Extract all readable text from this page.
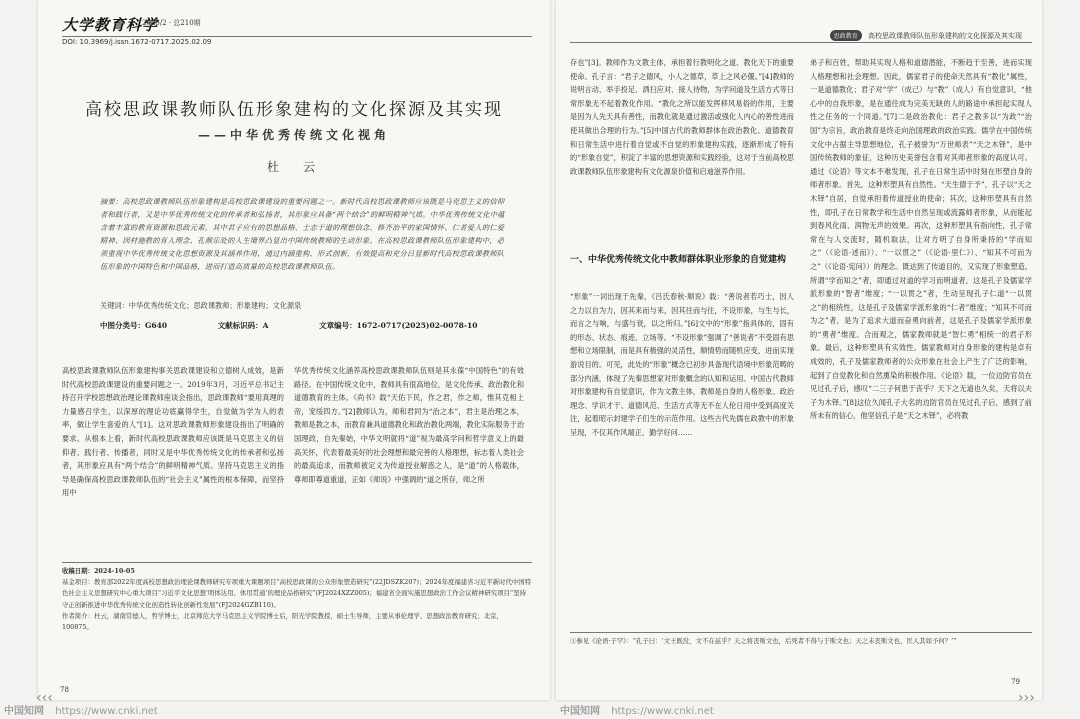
大学教育科学
2025/2 · 总210期
DOI: 10.3969/j.issn.1672-0717.2025.02.09
高校思政课教师队伍形象建构的文化探源及其实现
——中华优秀传统文化视角
杜　云
摘要：高校思政课教师队伍形象建构是高校思政课建设的重要问题之一。新时代高校思政课教师应该既是马克思主义的信仰者和践行者，又是中华优秀传统文化的传承者和弘扬者，其形象应具备“两个结合”的鲜明精神气质。中华优秀传统文化中蕴含着丰富的教育资源和思政元素，其中君子应有的思想品格、士志于道的理想信念、修齐治平的家国情怀、仁者爱人的仁爱精神、因材施教的育人理念、孔颜乐处的人生境界凸显出中国传统教师的生动形象。在高校思政课教师队伍形象建构中，必须重视中华优秀传统文化思想资源及其涵养作用，通过内涵重构、形式创新，有效提高和充分吕显新时代高校思政课教师队伍形象的中国特色和中国品格，进而打造高质量的高校思政课教师队伍。
关键词：中华优秀传统文化；思政课教师；形象建构；文化源泉
中图分类号：G640	文献标识码：A	文章编号：1672-0717(2025)02-0078-10
高校思政课教师队伍形象建构事关思政课建设和立德树人成效，是新时代高校思政课建设的重要问题之一。2019年3月，习近平总书记主持召开学校思想政治理论课教师座谈会指出，思政课教师“要用真理的力量感召学生，以深厚的理论功底赢得学生，自觉做为学为人的表率，做让学生喜爱的人”[1]。这对思政课教师形象建设指出了明确的要求。从根本上看，新时代高校思政课教师应该既是马克思主义的信仰者、践行者、传播者，同时又是中华优秀传统文化的传承者和弘扬者，其形象应具有“两个结合”的鲜明精神气质。坚持马克思主义的指导是确保高校思政课教师队伍的“社会主义”属性的根本保障，而坚持用中
华优秀传统文化涵养高校思政课教师队伍则是其永葆“中国特色”的有效路径。在中国传统文化中，教师具有很高地位，是文化传承、政治教化和道德教育的主体。《尚书》载“天佑下民，作之君，作之师，惟其克相上帝，宠绥四方。”[2]教师认为，师和君同为“治之本”，君主是治理之本，教师是教之本，而教育兼具道德教化和政治教化两端，教化实际服务于治国理政，自先秦始，中华文明就将“道”视为最高学问和哲学意义上的最高关怀，代表着最美好的社会理想和最完善的人格理想，标志着人类社会的最高追求，而教师被定义为传道授业解惑之人，是“道”的人格载体，尊师即尊道重道，正如《师说》中强调的“道之所存，师之所
收稿日期：2024-10-05
基金项目：教育部2022年度高校思想政治理论课教师研究专项重大课题项目“高校思政课的公众形象塑造研究”(22JDSZK207)；2024年度福建省习近平新时代中国特色社会主义思想研究中心重大项目“习近平文化思想‘明体达用、体用贯通’的理论品格研究”(FJ2024XZZ005)；福建省全面实施思想政治工作会议精神研究项目“坚持守正创新推进中华优秀传统文化创造性转化创新性发展”(FJ2024GZB110)。
作者简介：杜云，湖南常德人，哲学博士，北京师范大学马克思主义学院博士后，阳光学院教授，硕士生导师，主要从事伦理学、思想政治教育研究；北京，100875。
78
思政教育 高校思政课教师队伍形象建构的文化探源及其实现
存也”[3]。教师作为文教主体，承担着行教明化之道、教化天下的重要使命。孔子言：“君子之德风，小人之德草，草上之风必偃。”[4]教师的说明言动、举手投足、洒扫应对、接人待物，为学问道及生活方式等日常形象无不起着教化作用。“教化之所以能发挥移风易俗的作用，主要是因为人先天具有善性，而教化就是通过激活或强化人内心的善性进而使其做出合理的行为。”[5]中国古代的教师群体在政治教化、道德教育和日常生活中进行着自觉或不自觉的形象建构实践，逐渐形成了特有的“形象自觉”，积淀了丰富的思想资源和实践经验，这对于当前高校思政课教师队伍形象建构有文化源泉价值和启迪滋养作用。
一、中华优秀传统文化中教师群体职业形象的自觉建构
“形象”一词出现于先秦，《吕氏春秋·顺说》载：“善说者若巧士，因人之力以自为力，因其来而与来，因其往而与往，不设形象，与生与长，而言之与响，与盛与衰，以之所归。”[6]文中的“形象”指具体的，固有的形态、状态、痕迹、立场等。“不设形象”强调了“善说者”不受固有思想和立场限制，而是具有极强的灵活性，顺情势而随机应变，进而实现游说目的。可见，此处的“形象”概念已初步具备现代语境中形象范畴的部分内涵，体现了先秦思想家对形象概念的认知和运用。中国古代教师对形象建构有自觉意识，作为文教主体，教师是自身的人格形象、政治理念、学识才干、道德风范、生活方式等无不在人伦日用中受到高度关注，起着昭示封建学子们生的示范作用。这些古代先儒在政教中的形象呈现，不仅其作风端正、勤学好问……
弟子和百姓，帮助其实现人格和道德潜能，不断趋于至善，进而实现人格理想和社会理想。因此，儒家君子的使命天然具有“教化”属性，一是道德教化；君子对“学”（成己）与“教”（成人）有自觉意识，“他心中的自我形象，是在通往成为完美无缺的人的路途中承担起实现人性之任务的一个同道。”[7]二是政治教化：君子之教多以“为政”“治国”为宗旨，政治教育是终走向治国理政的政治实践。儒学在中国传统文化中占据主导思想地位，孔子被誉为“万世师表”“天之木铎”，是中国传统教师的象征，这种历史美誉包含着对其师者形象的高度认可。通过《论语》等文本不难发现，孔子在日常生活中时刻在形塑自身的师者形象。首先，这种形塑具有自然性。“天生德于予”，孔子以“天之木铎”自居，自觉承担着传道授业的使命；其次，这种形塑具有自然性，即孔子在日常教学和生活中自然呈现或流露师者形象，从而能起到春风化雨、润物无声的效果。再次，这种形塑具有指向性，孔子常常在与人交流时，随机取法，让对方明了自身所秉持的“学而知之”（《论语·述而》）、“一以贯之”（《论语·里仁》）、“知其不可而为之”（《论语·宪问》）的理念。既达到了传道目的，又实现了形象塑造。所谓“学而知之”者，即通过对道的学习而明道者，这是孔子及儒家学派形象的“智者”维度；“一以贯之”者，生动呈现孔子仁道“一以贯之”的相统性，这是孔子及儒家学派形象的“仁者”维度；“知其不可而为之”者，是为了追求大道而奋勇向前者，这是孔子及儒家学派形象的“勇者”维度。合而观之，儒家教师就是“智仁勇”相统一的君子形象。最后，这种形塑具有实效性。儒家教师对自身形象的建构是卓有成效的，孔子及儒家教师者的公众形象在社会上产生了广泛的影响，起到了自觉教化和自然熏染的积极作用。《论语》载，一位边防官员在见过孔子后，感叹“二三子何患于丧乎？天下之无道也久矣，天将以夫子为木铎。”[8]这位久闻孔子大名的边防官员在见过孔子后，感到了前所未有的信心，他坚信孔子是“天之木铎”，必将教
①参见《论语·子罕》：“孔子曰：‘文王既没，文不在兹乎？天之将丧斯文也，后死者不得与于斯文也；天之未丧斯文也，匡人其如予何？’”
79
‹‹‹	›››
中国知网 https://www.cnki.net	中国知网 https://www.cnki.net
